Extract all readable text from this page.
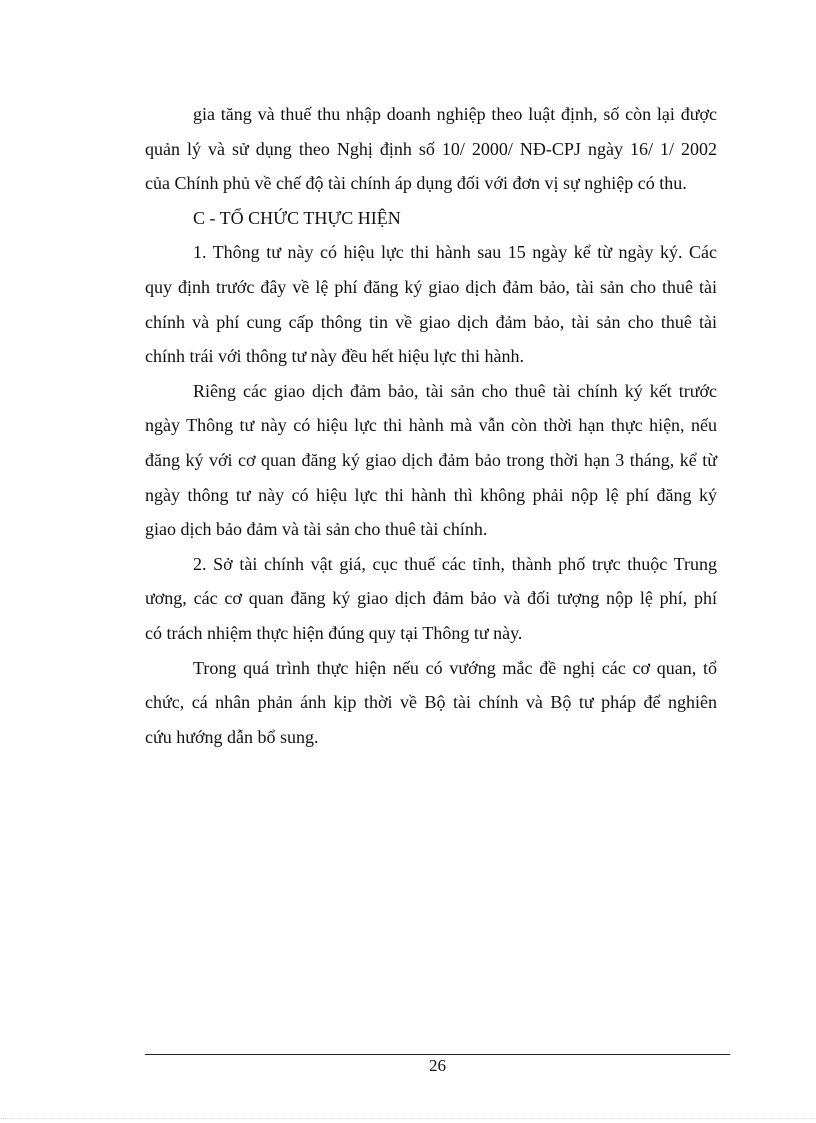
gia tăng và thuế thu nhập doanh nghiệp theo luật định, số còn lại được
quản lý và sử dụng theo Nghị định số 10/ 2000/ NĐ-CPJ ngày 16/ 1/ 2002
của Chính phủ về chế độ tài chính áp dụng đối với đơn vị sự nghiệp có thu.
C - TỔ CHỨC THỰC HIỆN
1. Thông tư này có hiệu lực thi hành sau 15 ngày kể từ ngày ký. Các
quy định trước đây về lệ phí đăng ký giao dịch đảm bảo, tài sản cho thuê tài
chính và phí cung cấp thông tin về giao dịch đảm bảo, tài sản cho thuê tài
chính trái với thông tư này đều hết hiệu lực thi hành.
Riêng các giao dịch đảm bảo, tài sản cho thuê tài chính ký kết trước
ngày Thông tư này có hiệu lực thi hành mà vẫn còn thời hạn thực hiện, nếu
đăng ký với cơ quan đăng ký giao dịch đảm bảo trong thời hạn 3 tháng, kể từ
ngày thông tư này có hiệu lực thi hành thì không phải nộp lệ phí đăng ký
giao dịch bảo đảm và tài sản cho thuê tài chính.
2. Sở tài chính vật giá, cục thuế các tỉnh, thành phố trực thuộc Trung
ương, các cơ quan đăng ký giao dịch đảm bảo và đối tượng nộp lệ phí, phí
có trách nhiệm thực hiện đúng quy tại Thông tư này.
Trong quá trình thực hiện nếu có vướng mắc đề nghị các cơ quan, tổ
chức, cá nhân phản ánh kịp thời về Bộ tài chính và Bộ tư pháp để nghiên
cứu hướng dẫn bổ sung.
26
